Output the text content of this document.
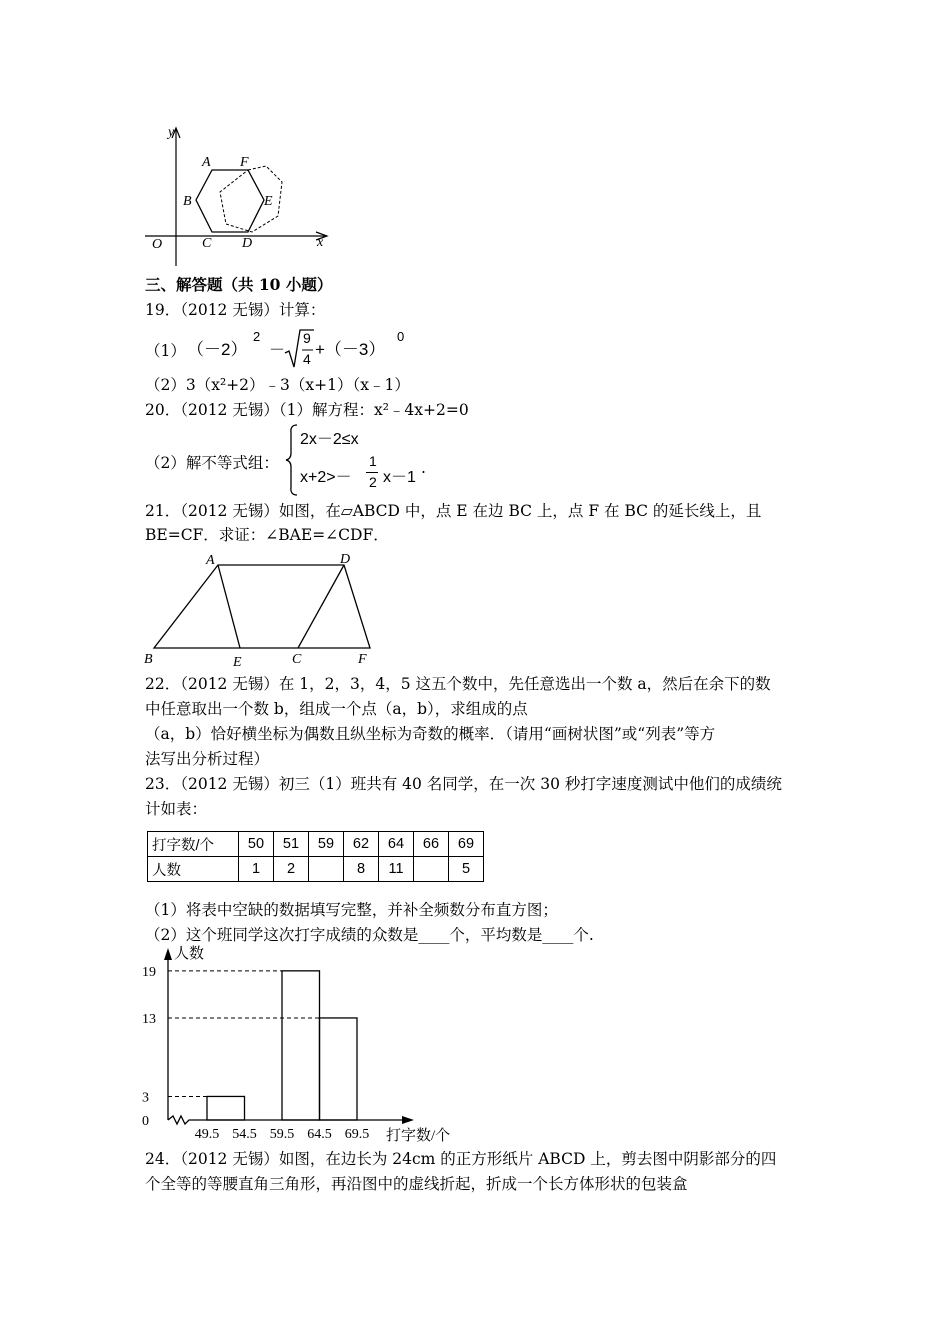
y
x
O
A F
B	E
C D
三、解答题（共 10 小题）
19．（2012 无锡）计算：
（1） （－2）
2
－
9
4 +（－3）
0
（2）3（x²+2）﹣3（x+1）（x﹣1）
20．（2012 无锡）（1）解方程：x²﹣4x+2=0
（2）解不等式组：
2x－2≤x
x+2>－
1
2 x－1
.
21．（2012 无锡）如图，在▱ABCD 中，点 E 在边 BC 上，点 F 在 BC 的延长线上，且
BE=CF．求证：∠BAE=∠CDF．
A	D
B	E	C	F
22．（2012 无锡）在 1，2，3，4，5 这五个数中，先任意选出一个数 a，然后在余下的数
中任意取出一个数 b，组成一个点（a，b），求组成的点
（a，b）恰好横坐标为偶数且纵坐标为奇数的概率．（请用“画树状图”或“列表”等方
法写出分析过程）
23．（2012 无锡）初三（1）班共有 40 名同学，在一次 30 秒打字速度测试中他们的成绩统
计如表：
打字数/个	50	51	59	62	64	66	69
人数	1	2		8	11		5
（1）将表中空缺的数据填写完整，并补全频数分布直方图；
（2）这个班同学这次打字成绩的众数是____个，平均数是____个.
人数
打字数/个
19
13
3
0
49.5 54.5 59.5 64.5 69.5
24．（2012 无锡）如图，在边长为 24cm 的正方形纸片 ABCD 上，剪去图中阴影部分的四
个全等的等腰直角三角形，再沿图中的虚线折起，折成一个长方体形状的包装盒
